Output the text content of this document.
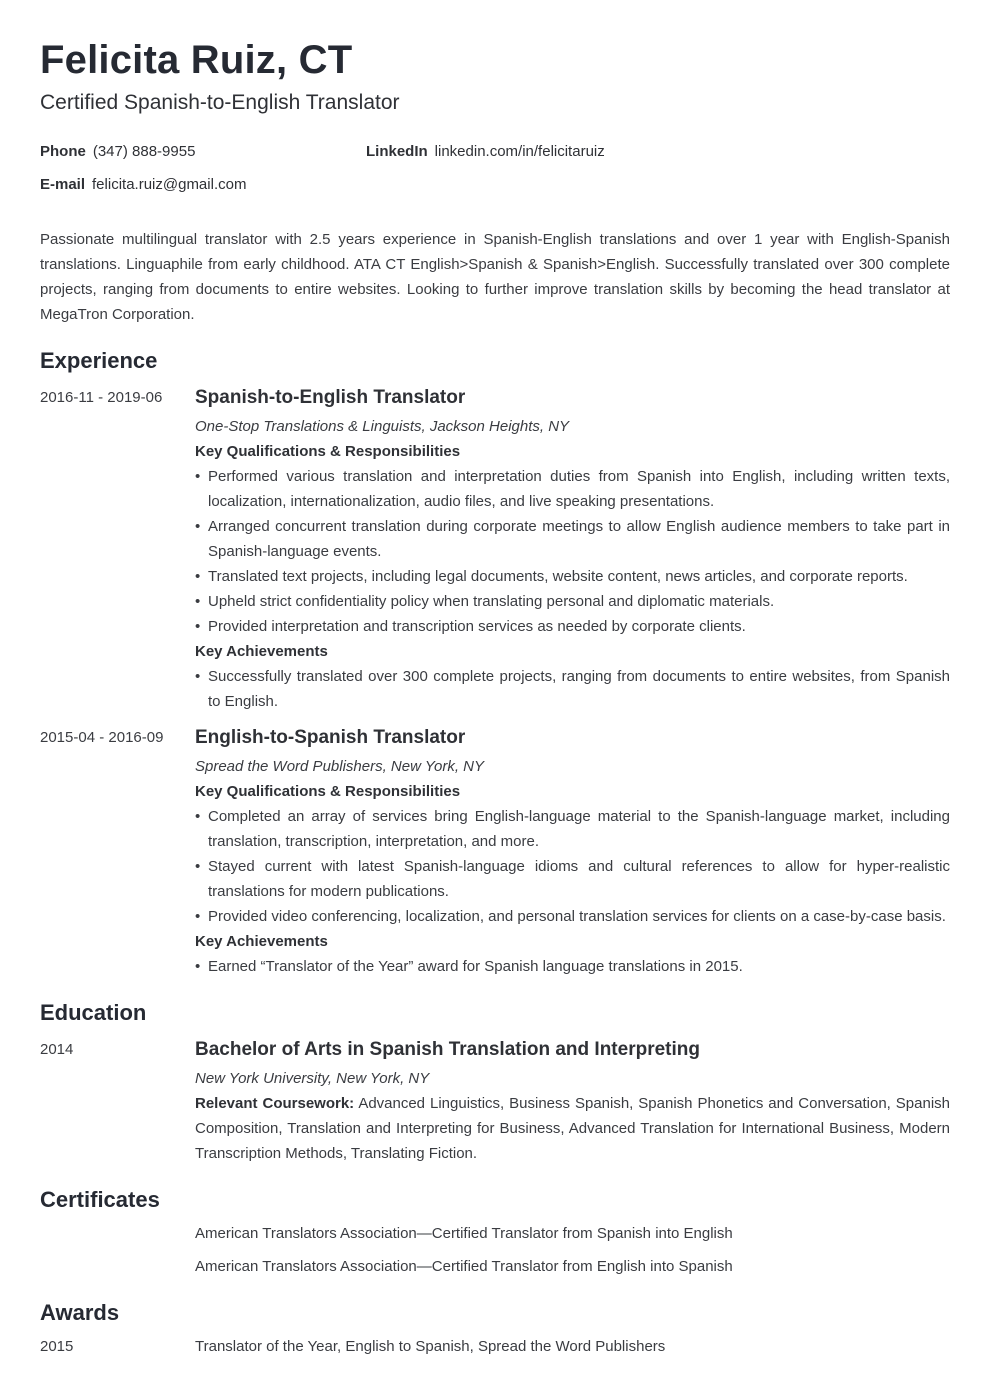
Felicita Ruiz, CT
Certified Spanish-to-English Translator
Phone (347) 888-9955	LinkedIn linkedin.com/in/felicitaruiz
E-mail felicita.ruiz@gmail.com
Passionate multilingual translator with 2.5 years experience in Spanish-English translations and over 1 year with English-Spanish translations. Linguaphile from early childhood. ATA CT English>Spanish & Spanish>English. Successfully translated over 300 complete projects, ranging from documents to entire websites. Looking to further improve translation skills by becoming the head translator at MegaTron Corporation.
Experience
2016-11 - 2019-06 Spanish-to-English Translator
One-Stop Translations & Linguists, Jackson Heights, NY
Key Qualifications & Responsibilities
• Performed various translation and interpretation duties from Spanish into English, including written texts, localization, internationalization, audio files, and live speaking presentations.
• Arranged concurrent translation during corporate meetings to allow English audience members to take part in Spanish-language events.
• Translated text projects, including legal documents, website content, news articles, and corporate reports.
• Upheld strict confidentiality policy when translating personal and diplomatic materials.
• Provided interpretation and transcription services as needed by corporate clients.
Key Achievements
• Successfully translated over 300 complete projects, ranging from documents to entire websites, from Spanish to English.
2015-04 - 2016-09 English-to-Spanish Translator
Spread the Word Publishers, New York, NY
Key Qualifications & Responsibilities
• Completed an array of services bring English-language material to the Spanish-language market, including translation, transcription, interpretation, and more.
• Stayed current with latest Spanish-language idioms and cultural references to allow for hyper-realistic translations for modern publications.
• Provided video conferencing, localization, and personal translation services for clients on a case-by-case basis.
Key Achievements
• Earned “Translator of the Year” award for Spanish language translations in 2015.
Education
2014	Bachelor of Arts in Spanish Translation and Interpreting
New York University, New York, NY
Relevant Coursework: Advanced Linguistics, Business Spanish, Spanish Phonetics and Conversation, Spanish Composition, Translation and Interpreting for Business, Advanced Translation for International Business, Modern Transcription Methods, Translating Fiction.
Certificates
American Translators Association—Certified Translator from Spanish into English
American Translators Association—Certified Translator from English into Spanish
Awards
2015	Translator of the Year, English to Spanish, Spread the Word Publishers
